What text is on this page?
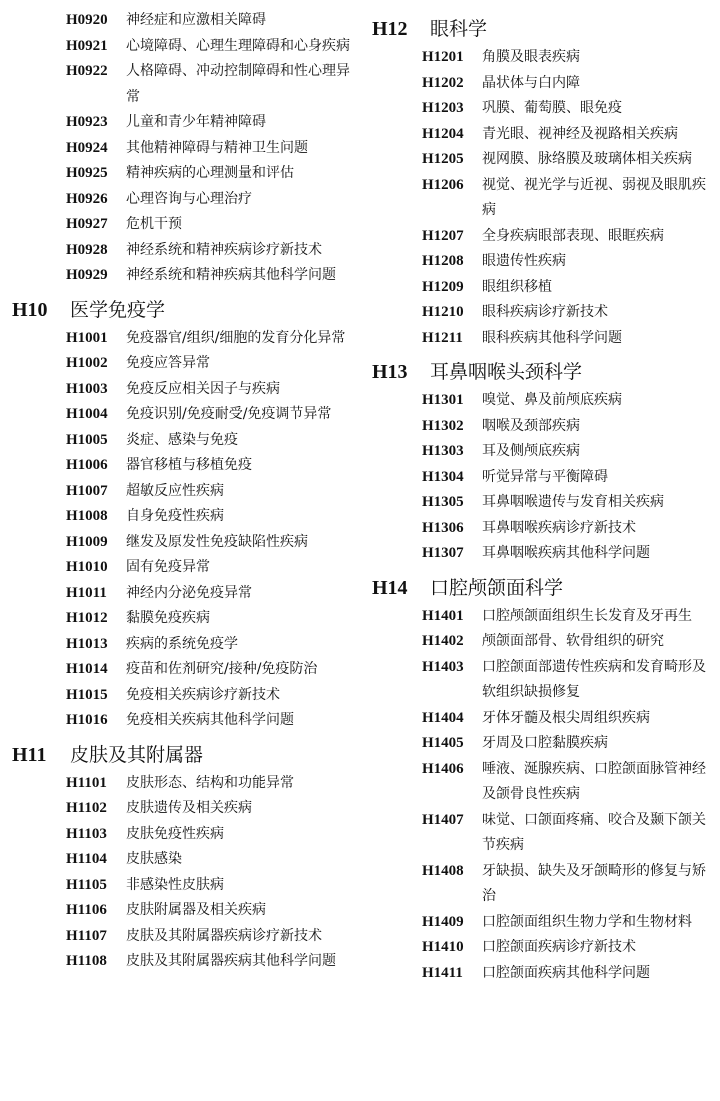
H0920	神经症和应激相关障碍
H0921	心境障碍、心理生理障碍和心身疾病
H0922	人格障碍、冲动控制障碍和性心理异常
H0923	儿童和青少年精神障碍
H0924	其他精神障碍与精神卫生问题
H0925	精神疾病的心理测量和评估
H0926	心理咨询与心理治疗
H0927	危机干预
H0928	神经系统和精神疾病诊疗新技术
H0929	神经系统和精神疾病其他科学问题
H10	医学免疫学
H1001	免疫器官/组织/细胞的发育分化异常
H1002	免疫应答异常
H1003	免疫反应相关因子与疾病
H1004	免疫识别/免疫耐受/免疫调节异常
H1005	炎症、感染与免疫
H1006	器官移植与移植免疫
H1007	超敏反应性疾病
H1008	自身免疫性疾病
H1009	继发及原发性免疫缺陷性疾病
H1010	固有免疫异常
H1011	神经内分泌免疫异常
H1012	黏膜免疫疾病
H1013	疾病的系统免疫学
H1014	疫苗和佐剂研究/接种/免疫防治
H1015	免疫相关疾病诊疗新技术
H1016	免疫相关疾病其他科学问题
H11	皮肤及其附属器
H1101	皮肤形态、结构和功能异常
H1102	皮肤遗传及相关疾病
H1103	皮肤免疫性疾病
H1104	皮肤感染
H1105	非感染性皮肤病
H1106	皮肤附属器及相关疾病
H1107	皮肤及其附属器疾病诊疗新技术
H1108	皮肤及其附属器疾病其他科学问题
H12	眼科学
H1201	角膜及眼表疾病
H1202	晶状体与白内障
H1203	巩膜、葡萄膜、眼免疫
H1204	青光眼、视神经及视路相关疾病
H1205	视网膜、脉络膜及玻璃体相关疾病
H1206	视觉、视光学与近视、弱视及眼肌疾病
H1207	全身疾病眼部表现、眼眶疾病
H1208	眼遗传性疾病
H1209	眼组织移植
H1210	眼科疾病诊疗新技术
H1211	眼科疾病其他科学问题
H13	耳鼻咽喉头颈科学
H1301	嗅觉、鼻及前颅底疾病
H1302	咽喉及颈部疾病
H1303	耳及侧颅底疾病
H1304	听觉异常与平衡障碍
H1305	耳鼻咽喉遗传与发育相关疾病
H1306	耳鼻咽喉疾病诊疗新技术
H1307	耳鼻咽喉疾病其他科学问题
H14	口腔颅颌面科学
H1401	口腔颅颌面组织生长发育及牙再生
H1402	颅颌面部骨、软骨组织的研究
H1403	口腔颌面部遗传性疾病和发育畸形及软组织缺损修复
H1404	牙体牙髓及根尖周组织疾病
H1405	牙周及口腔黏膜疾病
H1406	唾液、涎腺疾病、口腔颌面脉管神经及颌骨良性疾病
H1407	味觉、口颌面疼痛、咬合及颞下颌关节疾病
H1408	牙缺损、缺失及牙颌畸形的修复与矫治
H1409	口腔颌面组织生物力学和生物材料
H1410	口腔颌面疾病诊疗新技术
H1411	口腔颌面疾病其他科学问题
